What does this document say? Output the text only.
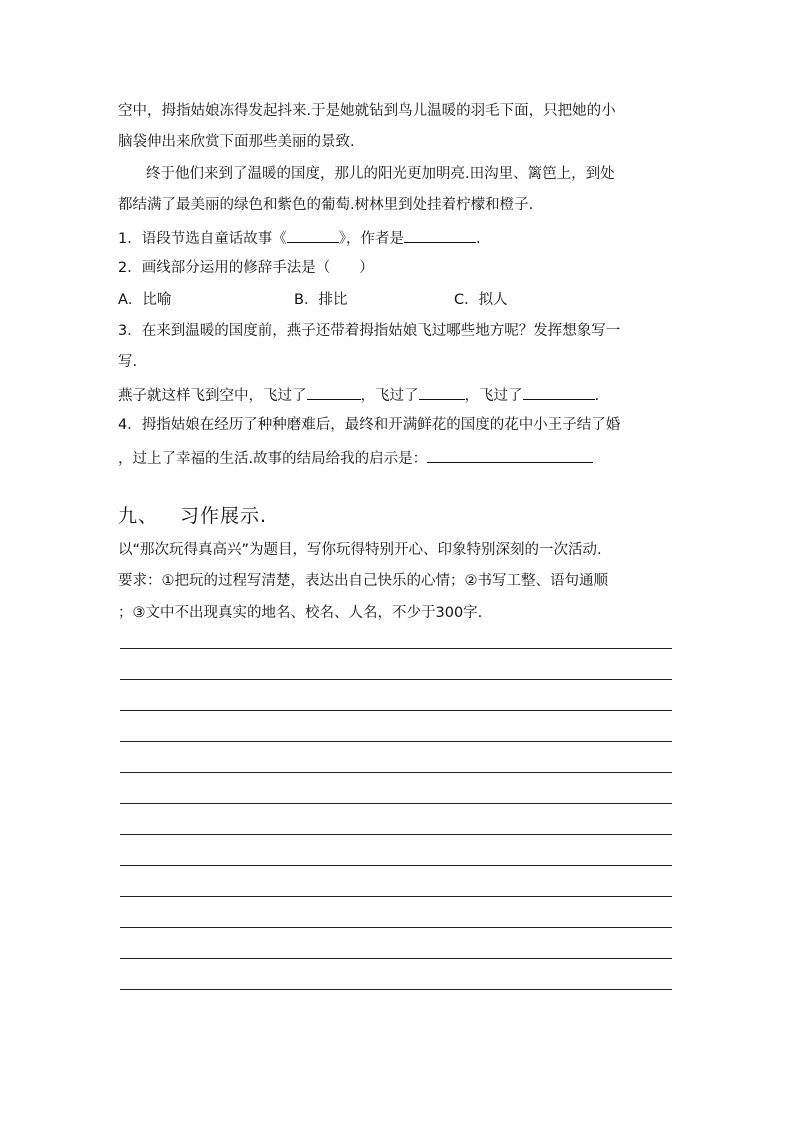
空中，拇指姑娘冻得发起抖来.于是她就钻到鸟儿温暖的羽毛下面，只把她的小
脑袋伸出来欣赏下面那些美丽的景致.
终于他们来到了温暖的国度，那儿的阳光更加明亮.田沟里、篱笆上，到处
都结满了最美丽的绿色和紫色的葡萄.树林里到处挂着柠檬和橙子.
1．语段节选自童话故事《	》，作者是	.
2．画线部分运用的修辞手法是（　　）
A．比喻	B．排比	C．拟人
3．在来到温暖的国度前，燕子还带着拇指姑娘飞过哪些地方呢？发挥想象写一
写.
燕子就这样飞到空中，飞过了	，飞过了	，飞过了	.
4．拇指姑娘在经历了种种磨难后，最终和开满鲜花的国度的花中小王子结了婚
，过上了幸福的生活.故事的结局给我的启示是：
九、 习作展示.
以“那次玩得真高兴”为题目，写你玩得特别开心、印象特别深刻的一次活动.
要求：①把玩的过程写清楚，表达出自己快乐的心情；②书写工整、语句通顺
；③文中不出现真实的地名、校名、人名，不少于300字.
